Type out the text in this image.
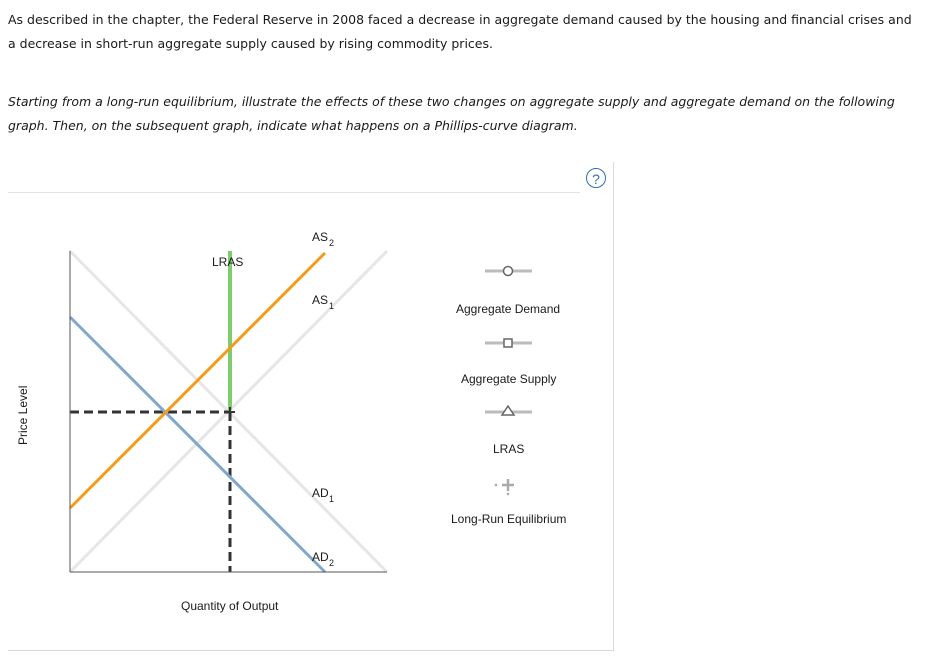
As described in the chapter, the Federal Reserve in 2008 faced a decrease in aggregate demand caused by the housing and financial crises and a decrease in short-run aggregate supply caused by rising commodity prices.
Starting from a long-run equilibrium, illustrate the effects of these two changes on aggregate supply and aggregate demand on the following graph. Then, on the subsequent graph, indicate what happens on a Phillips-curve diagram.
?
LRAS
AS 2
AS 1
AD 1
AD 2
Quantity of Output
Price Level
Aggregate Demand
Aggregate Supply
LRAS
Long-Run Equilibrium
